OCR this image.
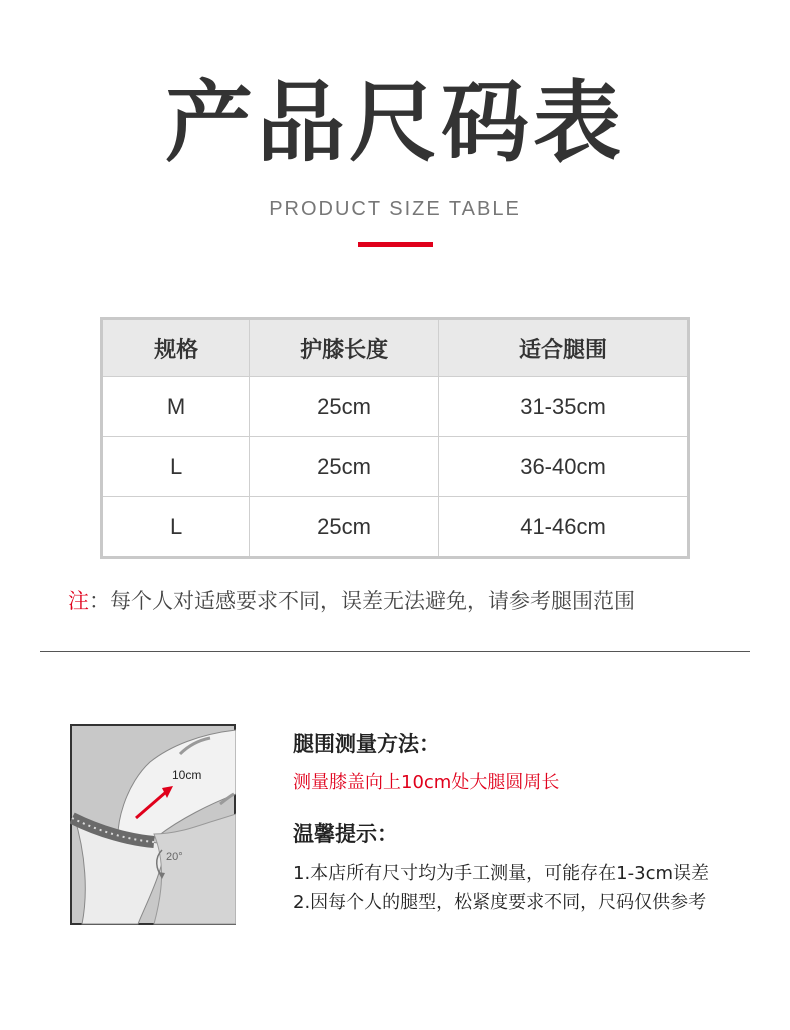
产品尺码表
PRODUCT SIZE TABLE
规格	护膝长度	适合腿围
M	25cm	31-35cm
L	25cm	36-40cm
L	25cm	41-46cm
注：每个人对适感要求不同，误差无法避免，请参考腿围范围
10cm
20°
腿围测量方法：
测量膝盖向上10cm处大腿圆周长
温馨提示：
1.本店所有尺寸均为手工测量，可能存在1-3cm误差
2.因每个人的腿型，松紧度要求不同，尺码仅供参考
